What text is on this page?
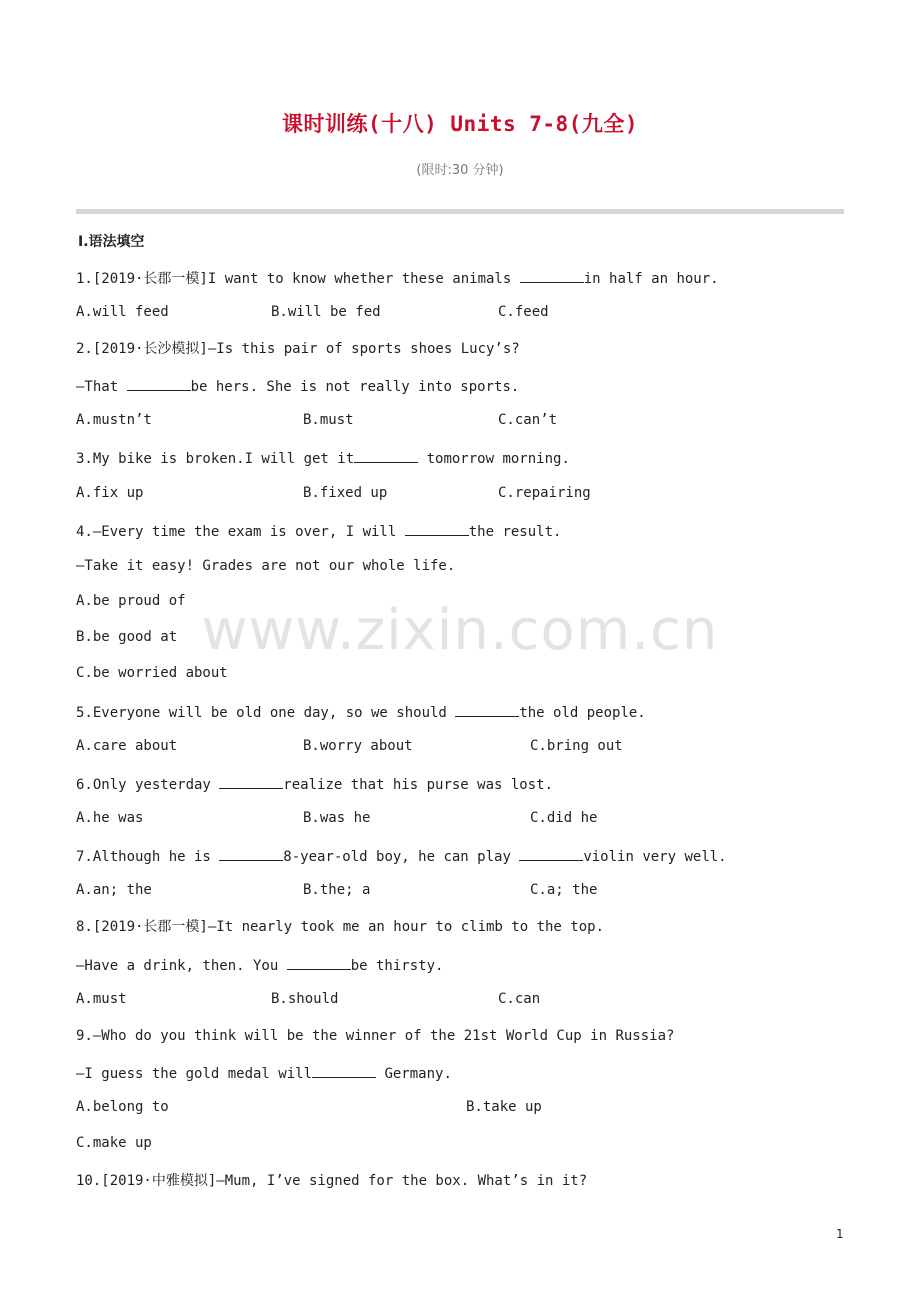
课时训练(十八) Units 7-8(九全)
(限时:30 分钟)
Ⅰ.语法填空
www.zixin.com.cn
1.[2019·长郡一模]I want to know whether these animals	in half an hour.
A.will feed	B.will be fed	C.feed
2.[2019·长沙模拟]—Is this pair of sports shoes Lucy’s?
—That	be hers. She is not really into sports.
A.mustn’t	B.must	C.can’t
3.My bike is broken.I will get it	tomorrow morning.
A.fix up	B.fixed up	C.repairing
4.—Every time the exam is over, I will	the result.
—Take it easy! Grades are not our whole life.
A.be proud of
B.be good at
C.be worried about
5.Everyone will be old one day, so we should	the old people.
A.care about	B.worry about	C.bring out
6.Only yesterday	realize that his purse was lost.
A.he was	B.was he	C.did he
7.Although he is	8-year-old boy, he can play	violin very well.
A.an; the	B.the; a	C.a; the
8.[2019·长郡一模]—It nearly took me an hour to climb to the top.
—Have a drink, then. You	be thirsty.
A.must	B.should	C.can
9.—Who do you think will be the winner of the 21st World Cup in Russia?
—I guess the gold medal will	Germany.
A.belong to	B.take up
C.make up
10.[2019·中雅模拟]—Mum, I’ve signed for the box. What’s in it?
1
